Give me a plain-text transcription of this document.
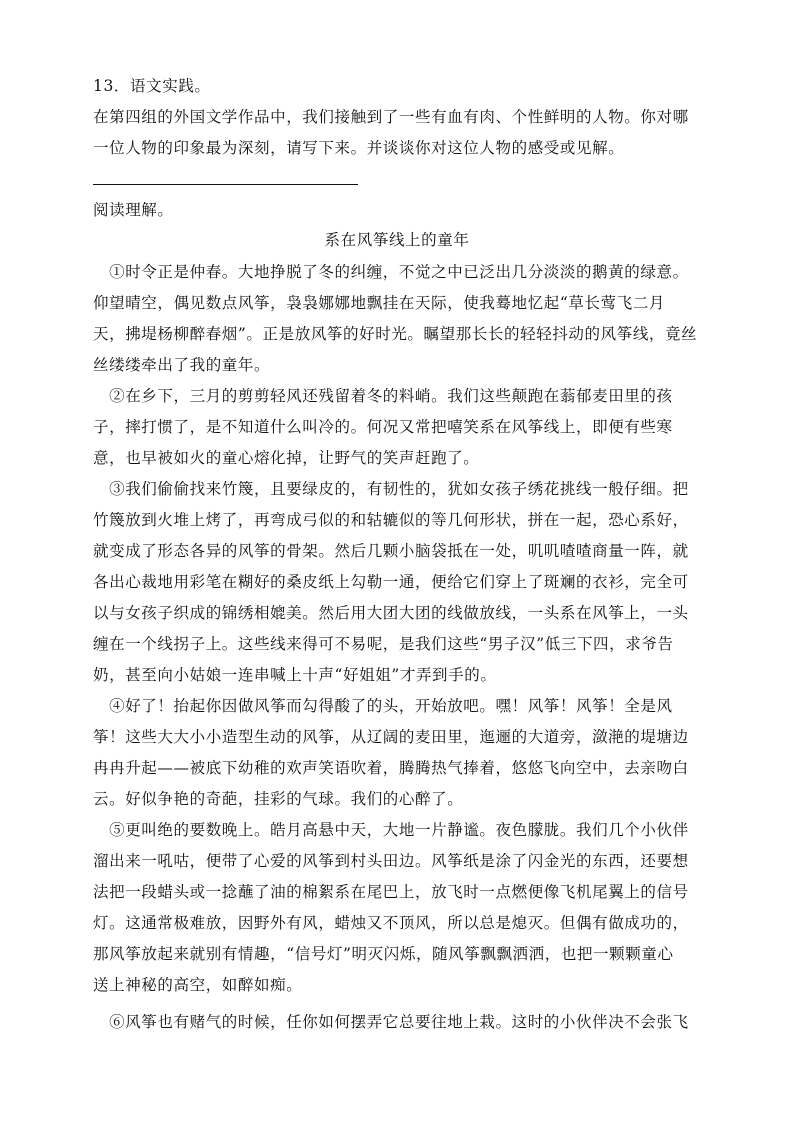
13．语文实践。
在第四组的外国文学作品中，我们接触到了一些有血有肉、个性鲜明的人物。你对哪
一位人物的印象最为深刻，请写下来。并谈谈你对这位人物的感受或见解。
阅读理解。
系在风筝线上的童年
　①时令正是仲春。大地挣脱了冬的纠缠，不觉之中已泛出几分淡淡的鹅黄的绿意。
仰望晴空，偶见数点风筝，袅袅娜娜地飘挂在天际，使我蓦地忆起“草长莺飞二月
天，拂堤杨柳醉春烟”。正是放风筝的好时光。瞩望那长长的轻轻抖动的风筝线，竟丝
丝缕缕牵出了我的童年。
　②在乡下，三月的剪剪轻风还残留着冬的料峭。我们这些颠跑在蓊郁麦田里的孩
子，摔打惯了，是不知道什么叫冷的。何况又常把嘻笑系在风筝线上，即便有些寒
意，也早被如火的童心熔化掉，让野气的笑声赶跑了。
　③我们偷偷找来竹篾，且要绿皮的，有韧性的，犹如女孩子绣花挑线一般仔细。把
竹篾放到火堆上烤了，再弯成弓似的和轱辘似的等几何形状，拼在一起，恐心系好，
就变成了形态各异的风筝的骨架。然后几颗小脑袋抵在一处，叽叽喳喳商量一阵，就
各出心裁地用彩笔在糊好的桑皮纸上勾勒一通，便给它们穿上了斑斓的衣衫，完全可
以与女孩子织成的锦绣相媲美。然后用大团大团的线做放线，一头系在风筝上，一头
缠在一个线拐子上。这些线来得可不易呢，是我们这些“男子汉”低三下四，求爷告
奶，甚至向小姑娘一连串喊上十声“好姐姐”才弄到手的。
　④好了！抬起你因做风筝而勾得酸了的头，开始放吧。嘿！风筝！风筝！全是风
筝！这些大大小小造型生动的风筝，从辽阔的麦田里，迤逦的大道旁，潋滟的堤塘边
冉冉升起——被底下幼稚的欢声笑语吹着，腾腾热气捧着，悠悠飞向空中，去亲吻白
云。好似争艳的奇葩，挂彩的气球。我们的心醉了。
　⑤更叫绝的要数晚上。皓月高悬中天，大地一片静谧。夜色朦胧。我们几个小伙伴
溜出来一吼咕，便带了心爱的风筝到村头田边。风筝纸是涂了闪金光的东西，还要想
法把一段蜡头或一捻蘸了油的棉絮系在尾巴上，放飞时一点燃便像飞机尾翼上的信号
灯。这通常极难放，因野外有风，蜡烛又不顶风，所以总是熄灭。但偶有做成功的，
那风筝放起来就别有情趣，“信号灯”明灭闪烁，随风筝飘飘洒洒，也把一颗颗童心
送上神秘的高空，如醉如痴。
　⑥风筝也有赌气的时候，任你如何摆弄它总要往地上栽。这时的小伙伴决不会张飞
